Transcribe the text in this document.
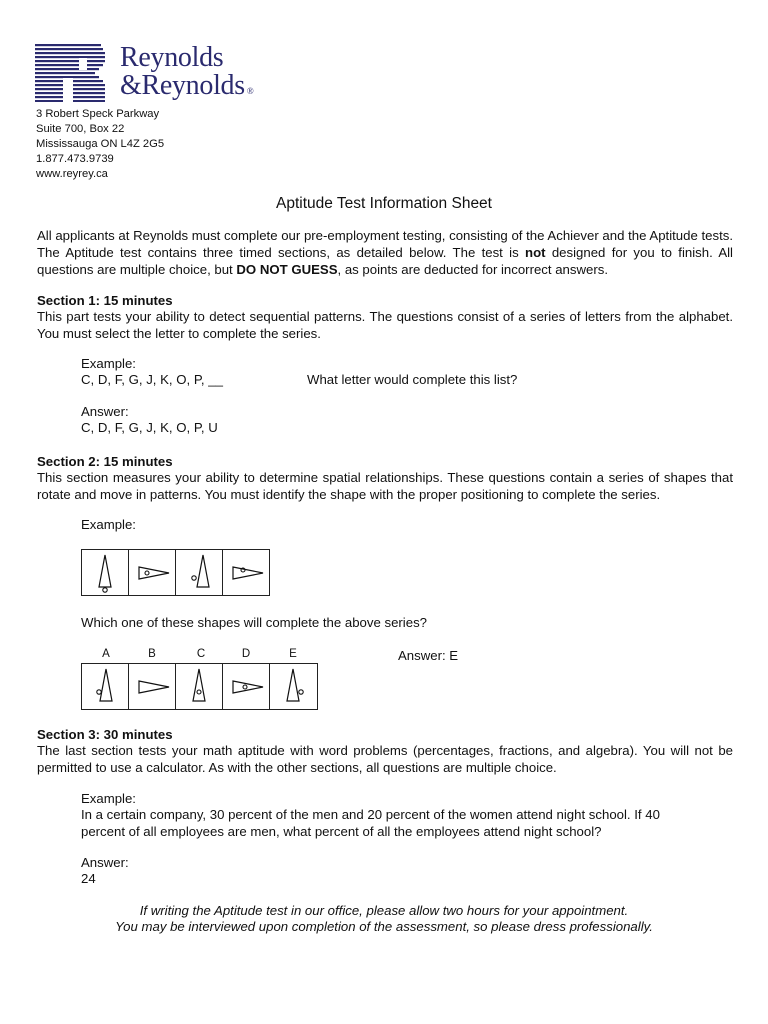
Reynolds
&Reynolds ®
3 Robert Speck Parkway
Suite 700, Box 22
Mississauga ON L4Z 2G5
1.877.473.9739
www.reyrey.ca
Aptitude Test Information Sheet
All applicants at Reynolds must complete our pre-employment testing, consisting of the Achiever and the Aptitude tests. The Aptitude test contains three timed sections, as detailed below. The test is not designed for you to finish. All questions are multiple choice, but DO NOT GUESS, as points are deducted for incorrect answers.
Section 1: 15 minutes
This part tests your ability to detect sequential patterns. The questions consist of a series of letters from the alphabet. You must select the letter to complete the series.
Example:
C, D, F, G, J, K, O, P, __	What letter would complete this list?
Answer:
C, D, F, G, J, K, O, P, U
Section 2: 15 minutes
This section measures your ability to determine spatial relationships. These questions contain a series of shapes that rotate and move in patterns. You must identify the shape with the proper positioning to complete the series.
Example:
Which one of these shapes will complete the above series?
A	B	C	D	E	Answer: E
Section 3: 30 minutes
The last section tests your math aptitude with word problems (percentages, fractions, and algebra). You will not be permitted to use a calculator. As with the other sections, all questions are multiple choice.
Example:
In a certain company, 30 percent of the men and 20 percent of the women attend night school. If 40 percent of all employees are men, what percent of all the employees attend night school?
Answer:
24
If writing the Aptitude test in our office, please allow two hours for your appointment.
You may be interviewed upon completion of the assessment, so please dress professionally.
